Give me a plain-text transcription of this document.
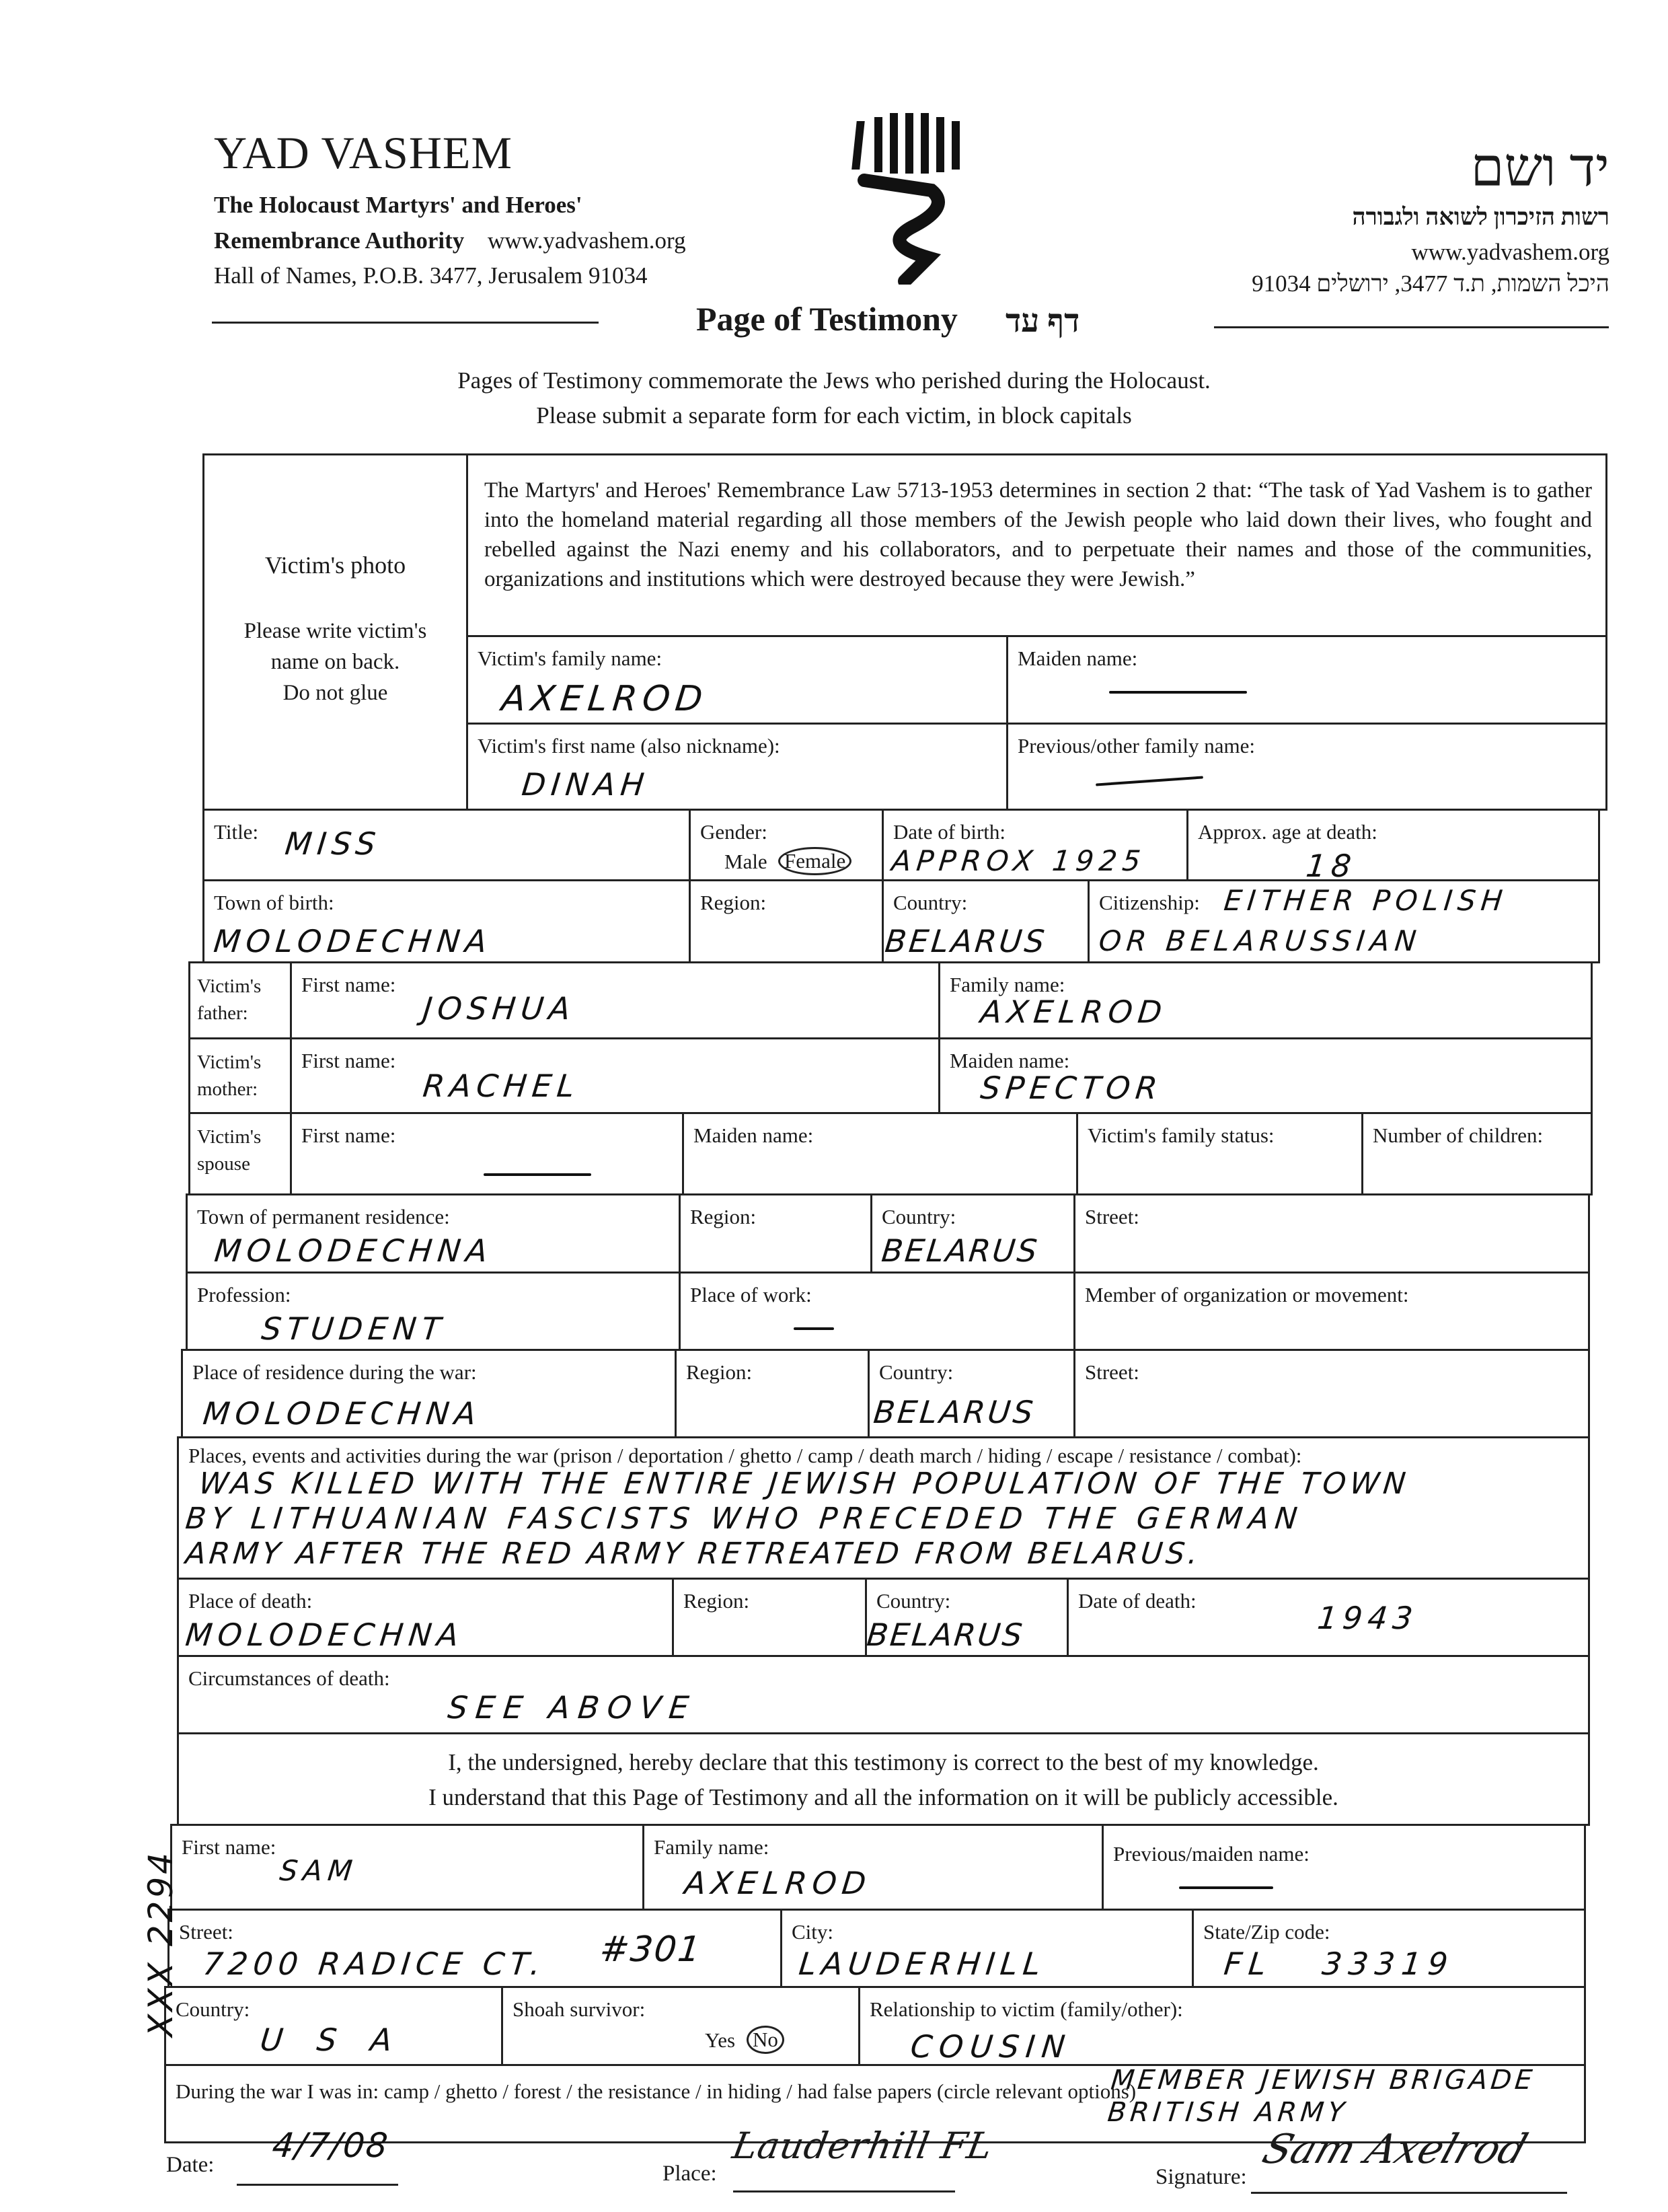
YAD VASHEM
The Holocaust Martyrs' and Heroes'
Remembrance Authority www.yadvashem.org
Hall of Names, P.O.B. 3477, Jerusalem 91034
יד ושם
רשות הזיכרון לשואה ולגבורה
www.yadvashem.org
היכל השמות, ת.ד 3477, ירושלים 91034
Page of Testimony דף עד
Pages of Testimony commemorate the Jews who perished during the Holocaust.
Please submit a separate form for each victim, in block capitals
Victim's photo
Please write victim's
name on back.
Do not glue
The Martyrs' and Heroes' Remembrance Law 5713-1953 determines in section 2 that: “The task of Yad Vashem is to gather into the homeland material regarding all those members of the Jewish people who laid down their lives, who fought and rebelled against the Nazi enemy and his collaborators, and to perpetuate their names and those of the communities, organizations and institutions which were destroyed because they were Jewish.”
Victim's family name:
AXELROD
Maiden name:
Victim's first name (also nickname):
DINAH
Previous/other family name:
Title: MISS	Gender:
Male Female
Date of birth:
APPROX 1925
Approx. age at death:
18
Town of birth:
MOLODECHNA
Region:	Country:
BELARUS
Citizenship: EITHER POLISH
OR BELARUSSIAN
Victim's father:
First name:
JOSHUA
Family name:
AXELROD
Victim's mother:
First name:
RACHEL
Maiden name:
SPECTOR
Victim's spouse
First name:	Maiden name:	Victim's family status:	Number of children:
Town of permanent residence:
MOLODECHNA
Region:	Country:
BELARUS
Street:
Profession:
STUDENT
Place of work:	Member of organization or movement:
Place of residence during the war:
MOLODECHNA
Region:	Country:
BELARUS
Street:
Places, events and activities during the war (prison / deportation / ghetto / camp / death march / hiding / escape / resistance / combat):
WAS KILLED WITH THE ENTIRE JEWISH POPULATION OF THE TOWN
BY LITHUANIAN FASCISTS WHO PRECEDED THE GERMAN
ARMY AFTER THE RED ARMY RETREATED FROM BELARUS.
Place of death:
MOLODECHNA
Region:	Country:
BELARUS
Date of death:	1943
Circumstances of death:
SEE ABOVE
I, the undersigned, hereby declare that this testimony is correct to the best of my knowledge.
I understand that this Page of Testimony and all the information on it will be publicly accessible.
First name:
SAM
Family name:
AXELROD
Previous/maiden name:
Street:
7200 RADICE CT. #301	City:
LAUDERHILL
State/Zip code:
FL   33319
Country:
U S A
Shoah survivor:
Yes No
Relationship to victim (family/other):
COUSIN
During the war I was in: camp / ghetto / forest / the resistance / in hiding / had false papers (circle relevant options)
MEMBER JEWISH BRIGADE
BRITISH ARMY
Date: 4/7/08
Place:
Lauderhill FL
Signature:
Sam Axelrod
XXX 2294
